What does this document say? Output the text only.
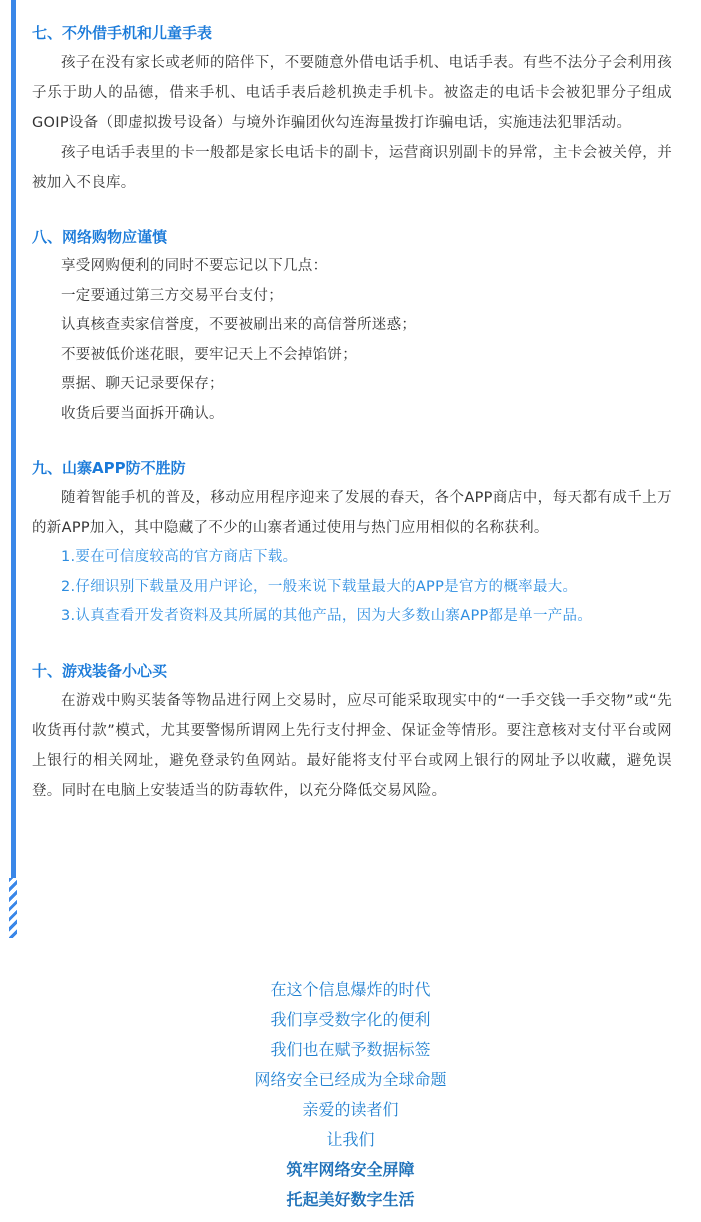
七、不外借手机和儿童手表

孩子在没有家长或老师的陪伴下，不要随意外借电话手机、电话手表。有些不法分子会利用孩子乐于助人的品德，借来手机、电话手表后趁机换走手机卡。被盗走的电话卡会被犯罪分子组成GOIP设备（即虚拟拨号设备）与境外诈骗团伙勾连海量拨打诈骗电话，实施违法犯罪活动。

孩子电话手表里的卡一般都是家长电话卡的副卡，运营商识别副卡的异常，主卡会被关停，并被加入不良库。

八、网络购物应谨慎

享受网购便利的同时不要忘记以下几点：

一定要通过第三方交易平台支付；

认真核查卖家信誉度，不要被刷出来的高信誉所迷惑；

不要被低价迷花眼，要牢记天上不会掉馅饼；

票据、聊天记录要保存；

收货后要当面拆开确认。

九、山寨APP防不胜防

随着智能手机的普及，移动应用程序迎来了发展的春天，各个APP商店中，每天都有成千上万的新APP加入，其中隐藏了不少的山寨者通过使用与热门应用相似的名称获利。

1.要在可信度较高的官方商店下载。

2.仔细识别下载量及用户评论，一般来说下载量最大的APP是官方的概率最大。

3.认真查看开发者资料及其所属的其他产品，因为大多数山寨APP都是单一产品。

十、游戏装备小心买

在游戏中购买装备等物品进行网上交易时，应尽可能采取现实中的“一手交钱一手交物”或“先收货再付款”模式，尤其要警惕所谓网上先行支付押金、保证金等情形。要注意核对支付平台或网上银行的相关网址，避免登录钓鱼网站。最好能将支付平台或网上银行的网址予以收藏，避免误登。同时在电脑上安装适当的防毒软件，以充分降低交易风险。

在这个信息爆炸的时代
我们享受数字化的便利
我们也在赋予数据标签
网络安全已经成为全球命题
亲爱的读者们
让我们
筑牢网络安全屏障
托起美好数字生活
